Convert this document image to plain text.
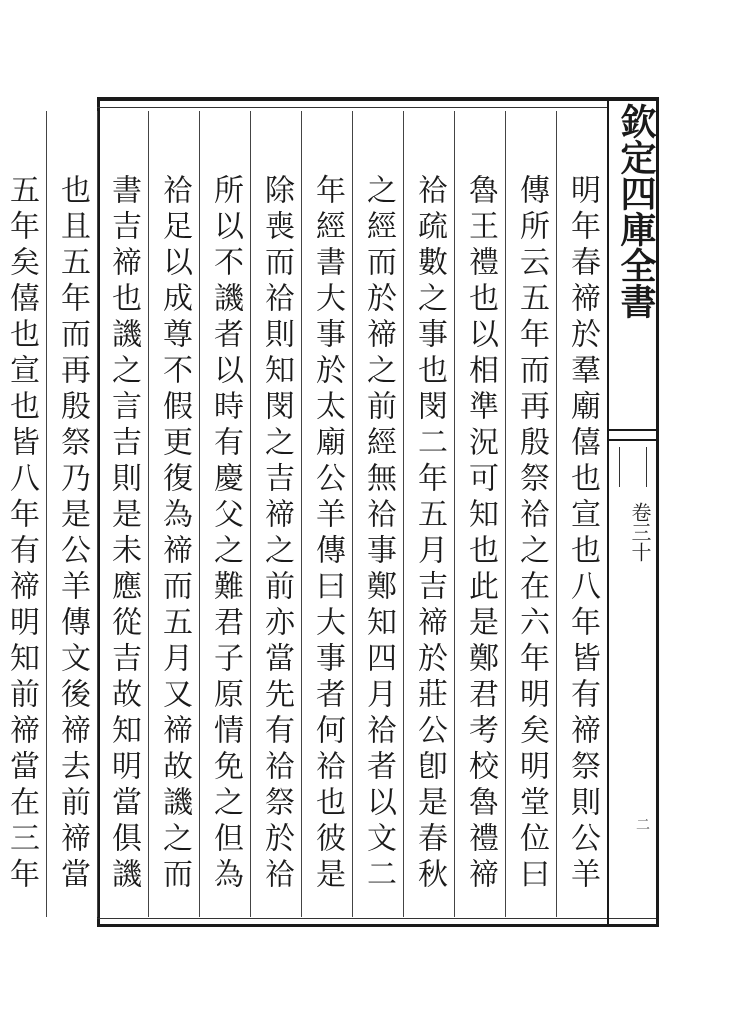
欽定四庫全書
卷三十
二
明年春禘於羣廟僖也宣也八年皆有禘祭則公羊
傳所云五年而再殷祭祫之在六年明矣明堂位曰
魯王禮也以相準況可知也此是鄭君考校魯禮禘
祫疏數之事也閔二年五月吉禘於莊公卽是春秋
之經而於禘之前經無祫事鄭知四月祫者以文二
年經書大事於太廟公羊傳曰大事者何祫也彼是
除喪而祫則知閔之吉禘之前亦當先有祫祭於祫
所以不譏者以時有慶父之難君子原情免之但為
祫足以成尊不假更復為禘而五月又禘故譏之而
書吉禘也譏之言吉則是未應從吉故知明當俱譏
也且五年而再殷祭乃是公羊傳文後禘去前禘當
五年矣僖也宣也皆八年有禘明知前禘當在三年
